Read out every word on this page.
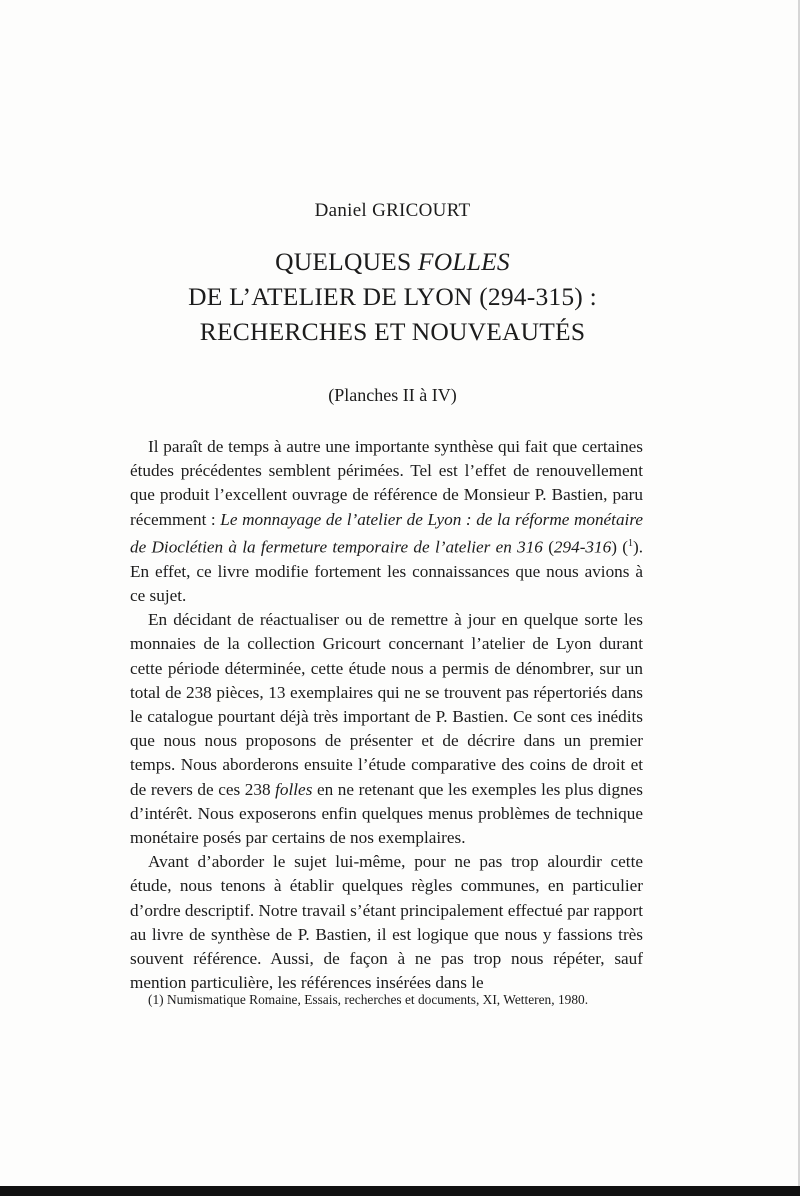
Daniel GRICOURT
QUELQUES FOLLES
DE L’ATELIER DE LYON (294-315) :
RECHERCHES ET NOUVEAUTÉS
(Planches II à IV)

Il paraît de temps à autre une importante synthèse qui fait que certaines études précédentes semblent périmées. Tel est l’effet de renouvellement que produit l’excellent ouvrage de référence de Monsieur P. Bastien, paru récemment : Le monnayage de l’atelier de Lyon : de la réforme monétaire de Dioclétien à la fermeture temporaire de l’atelier en 316 (294-316) ($^1$). En effet, ce livre modifie fortement les connaissances que nous avions à ce sujet.

En décidant de réactualiser ou de remettre à jour en quelque sorte les monnaies de la collection Gricourt concernant l’atelier de Lyon durant cette période déterminée, cette étude nous a permis de dénombrer, sur un total de 238 pièces, 13 exemplaires qui ne se trouvent pas répertoriés dans le catalogue pourtant déjà très important de P. Bastien. Ce sont ces inédits que nous nous proposons de présenter et de décrire dans un premier temps. Nous aborderons ensuite l’étude comparative des coins de droit et de revers de ces 238 folles en ne retenant que les exemples les plus dignes d’intérêt. Nous exposerons enfin quelques menus problèmes de technique monétaire posés par certains de nos exemplaires.

Avant d’aborder le sujet lui-même, pour ne pas trop alourdir cette étude, nous tenons à établir quelques règles communes, en particulier d’ordre descriptif. Notre travail s’étant principalement effectué par rapport au livre de synthèse de P. Bastien, il est logique que nous y fassions très souvent référence. Aussi, de façon à ne pas trop nous répéter, sauf mention particulière, les références insérées dans le

(1) Numismatique Romaine, Essais, recherches et documents, XI, Wetteren, 1980.
